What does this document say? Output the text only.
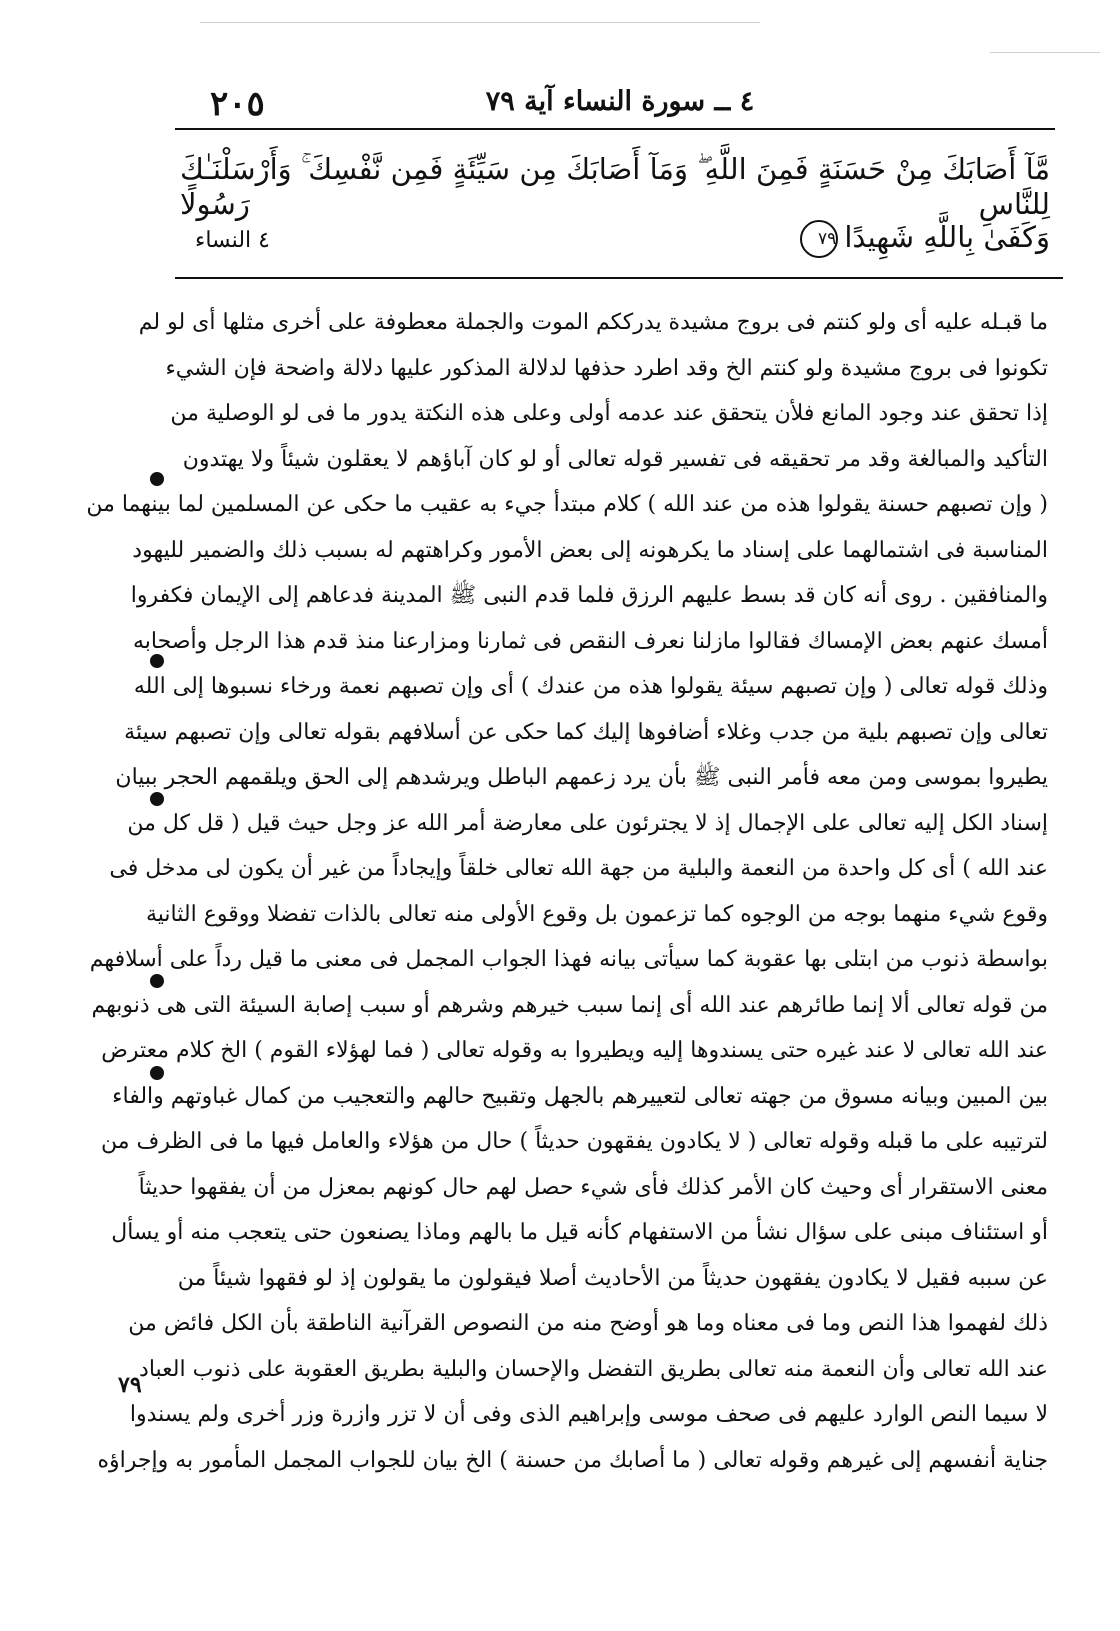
٢٠٥	٤ ــ سورة النساء آية ٧٩
مَّآ أَصَابَكَ مِنْ حَسَنَةٍ فَمِنَ اللَّهِ ۖ وَمَآ أَصَابَكَ مِن سَيِّئَةٍ فَمِن نَّفْسِكَ ۚ وَأَرْسَلْنَـٰكَ لِلنَّاسِ رَسُولًا
وَكَفَىٰ بِاللَّهِ شَهِيدًا٧٩
٤ النساء
ما قبـله عليه أى ولو كنتم فى بروج مشيدة يدرككم الموت والجملة معطوفة على أخرى مثلها أى لو لم
تكونوا فى بروج مشيدة ولو كنتم الخ وقد اطرد حذفها لدلالة المذكور عليها دلالة واضحة فإن الشيء
إذا تحقق عند وجود المانع فلأن يتحقق عند عدمه أولى وعلى هذه النكتة يدور ما فى لو الوصلية من
التأكيد والمبالغة وقد مر تحقيقه فى تفسير قوله تعالى أو لو كان آباؤهم لا يعقلون شيئاً ولا يهتدون
( وإن تصبهم حسنة يقولوا هذه من عند الله ) كلام مبتدأ جيء به عقيب ما حكى عن المسلمين لما بينهما من
المناسبة فى اشتمالهما على إسناد ما يكرهونه إلى بعض الأمور وكراهتهم له بسبب ذلك والضمير لليهود
والمنافقين . روى أنه كان قد بسط عليهم الرزق فلما قدم النبى ﷺ المدينة فدعاهم إلى الإيمان فكفروا
أمسك عنهم بعض الإمساك فقالوا مازلنا نعرف النقص فى ثمارنا ومزارعنا منذ قدم هذا الرجل وأصحابه
وذلك قوله تعالى ( وإن تصبهم سيئة يقولوا هذه من عندك ) أى وإن تصبهم نعمة ورخاء نسبوها إلى الله
تعالى وإن تصبهم بلية من جدب وغلاء أضافوها إليك كما حكى عن أسلافهم بقوله تعالى وإن تصبهم سيئة
يطيروا بموسى ومن معه فأمر النبى ﷺ بأن يرد زعمهم الباطل ويرشدهم إلى الحق ويلقمهم الحجر ببيان
إسناد الكل إليه تعالى على الإجمال إذ لا يجترئون على معارضة أمر الله عز وجل حيث قيل ( قل كل من
عند الله ) أى كل واحدة من النعمة والبلية من جهة الله تعالى خلقاً وإيجاداً من غير أن يكون لى مدخل فى
وقوع شيء منهما بوجه من الوجوه كما تزعمون بل وقوع الأولى منه تعالى بالذات تفضلا ووقوع الثانية
بواسطة ذنوب من ابتلى بها عقوبة كما سيأتى بيانه فهذا الجواب المجمل فى معنى ما قيل رداً على أسلافهم
من قوله تعالى ألا إنما طائرهم عند الله أى إنما سبب خيرهم وشرهم أو سبب إصابة السيئة التى هى ذنوبهم
عند الله تعالى لا عند غيره حتى يسندوها إليه ويطيروا به وقوله تعالى ( فما لهؤلاء القوم ) الخ كلام معترض
بين المبين وبيانه مسوق من جهته تعالى لتعييرهم بالجهل وتقبيح حالهم والتعجيب من كمال غباوتهم والفاء
لترتيبه على ما قبله وقوله تعالى ( لا يكادون يفقهون حديثاً ) حال من هؤلاء والعامل فيها ما فى الظرف من
معنى الاستقرار أى وحيث كان الأمر كذلك فأى شيء حصل لهم حال كونهم بمعزل من أن يفقهوا حديثاً
أو استئناف مبنى على سؤال نشأ من الاستفهام كأنه قيل ما بالهم وماذا يصنعون حتى يتعجب منه أو يسأل
عن سببه فقيل لا يكادون يفقهون حديثاً من الأحاديث أصلا فيقولون ما يقولون إذ لو فقهوا شيئاً من
ذلك لفهموا هذا النص وما فى معناه وما هو أوضح منه من النصوص القرآنية الناطقة بأن الكل فائض من
عند الله تعالى وأن النعمة منه تعالى بطريق التفضل والإحسان والبلية بطريق العقوبة على ذنوب العباد
لا سيما النص الوارد عليهم فى صحف موسى وإبراهيم الذى وفى أن لا تزر وازرة وزر أخرى ولم يسندوا
جناية أنفسهم إلى غيرهم وقوله تعالى ( ما أصابك من حسنة ) الخ بيان للجواب المجمل المأمور به وإجراؤه
٧٩
